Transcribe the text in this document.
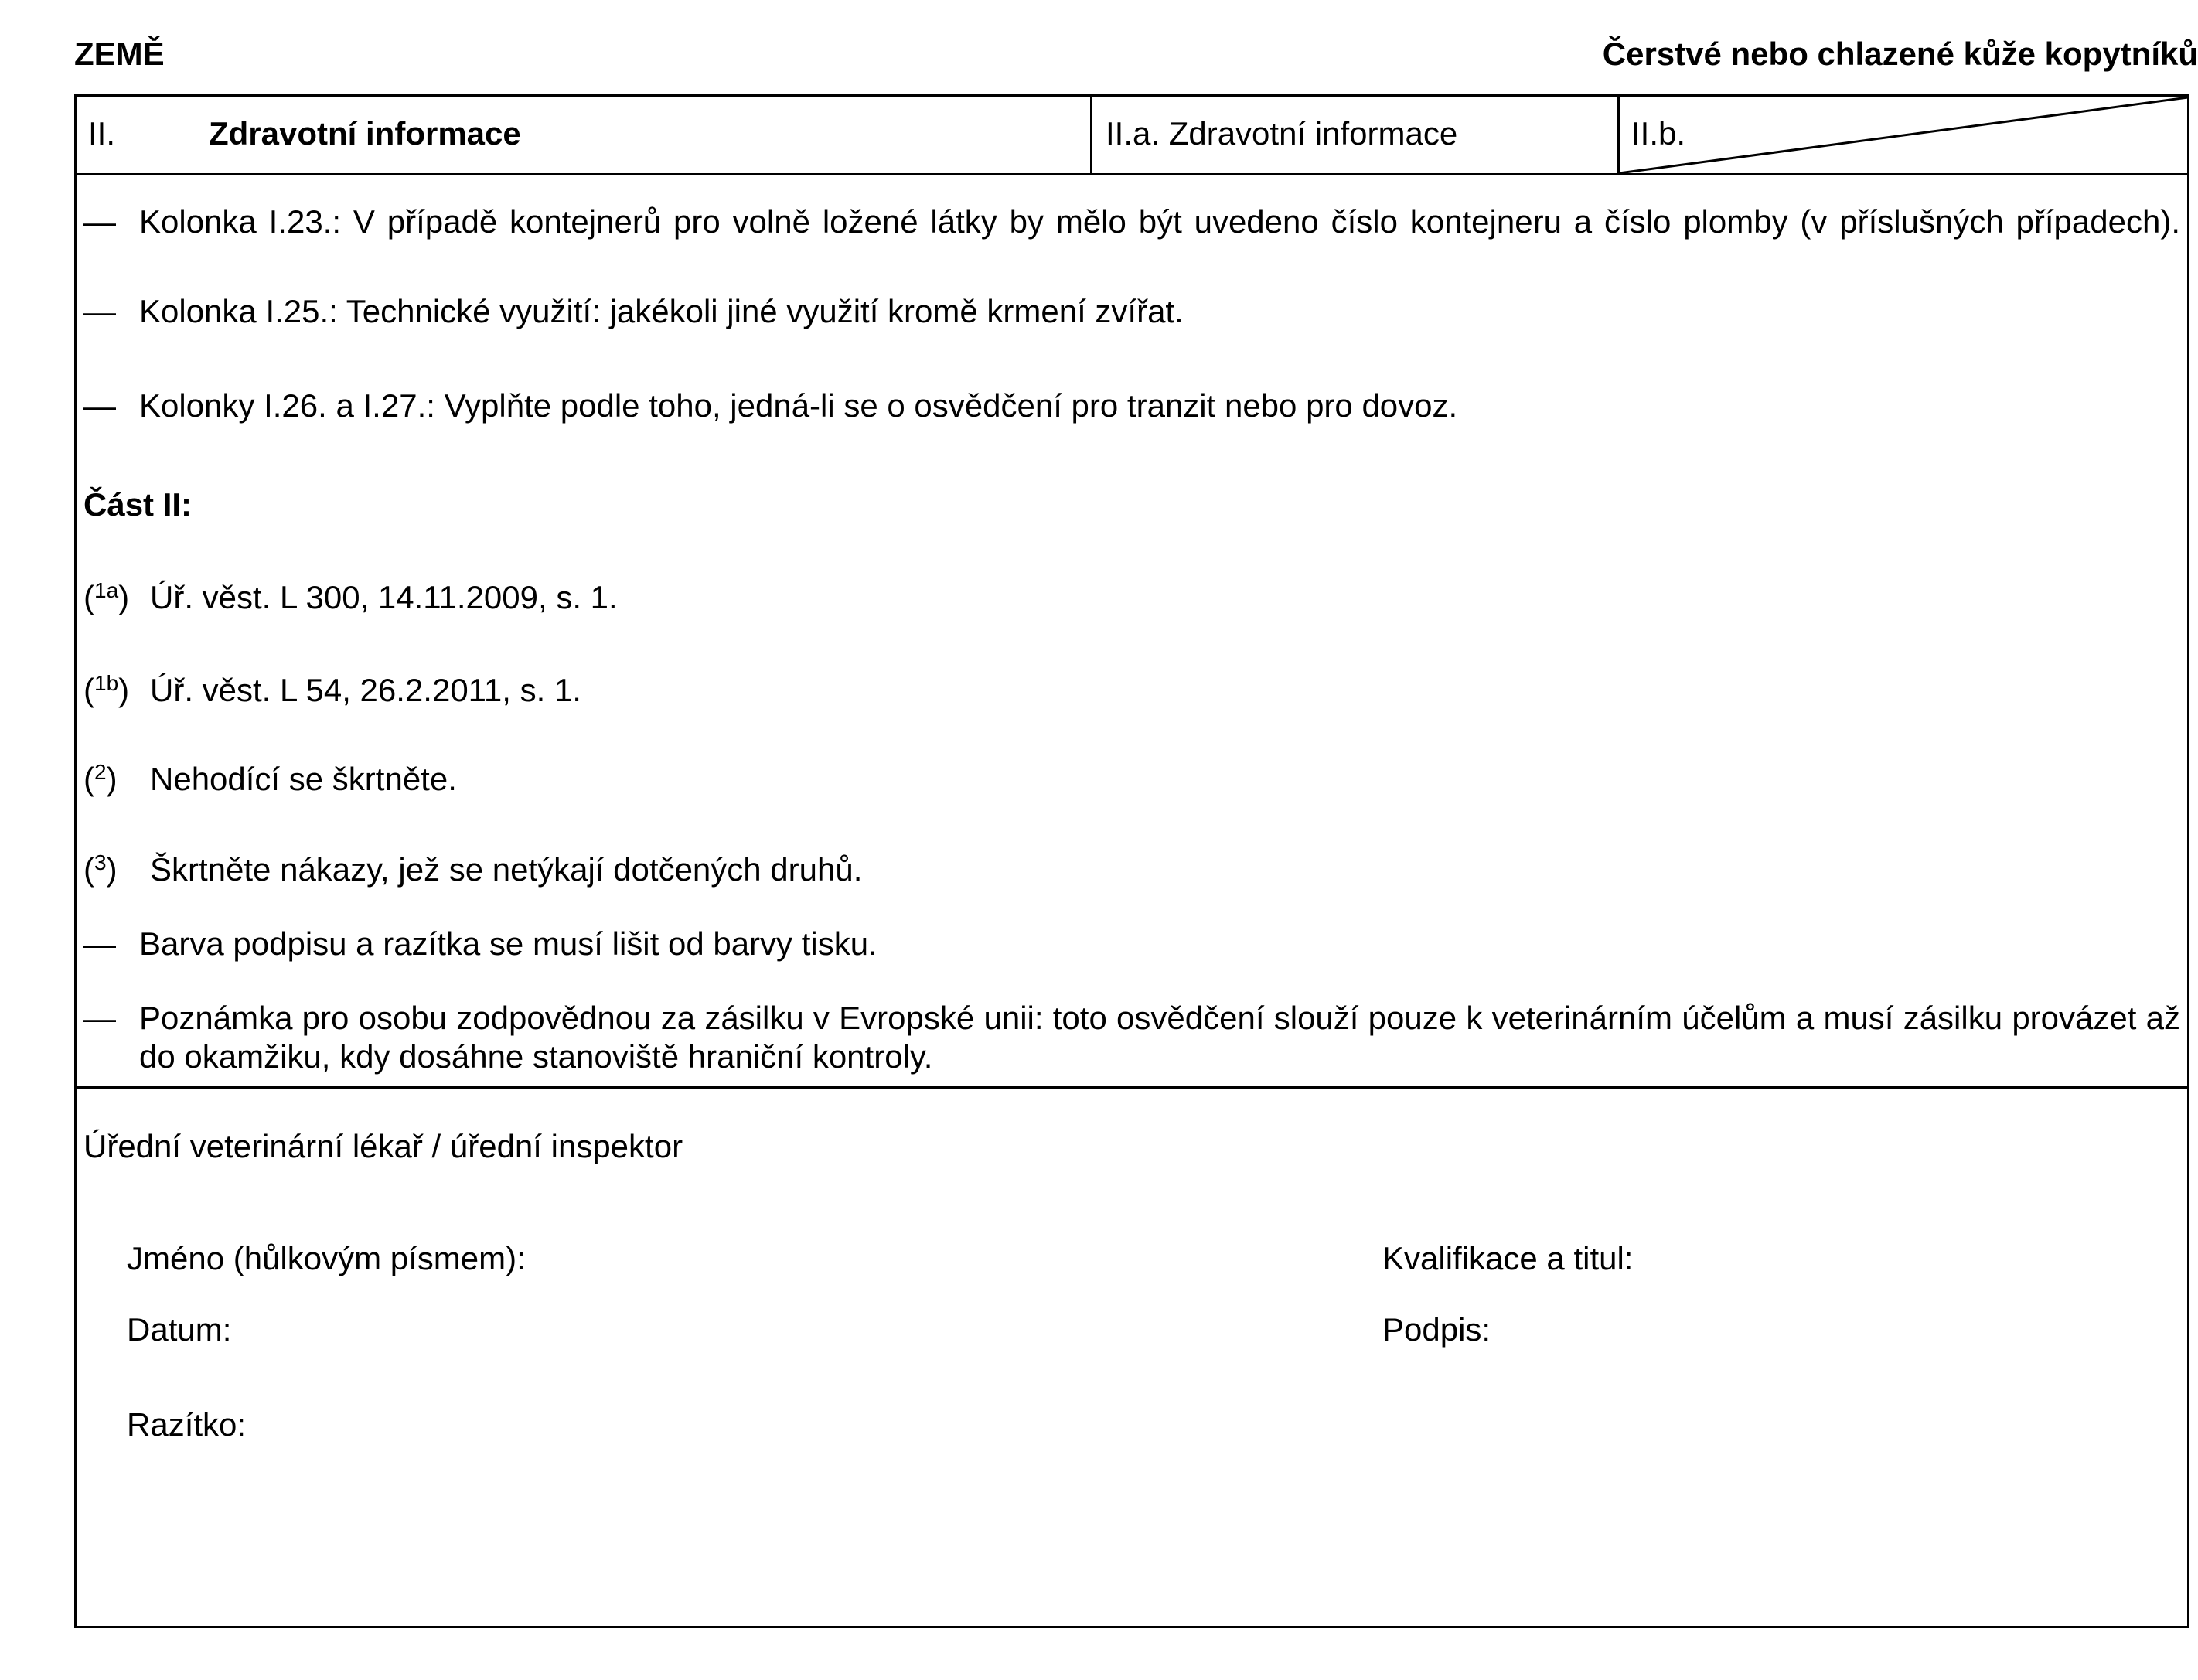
ZEMĚ	Čerstvé nebo chlazené kůže kopytníků
II.	Zdravotní informace	II.a. Zdravotní informace	II.b.
— Kolonka I.23.: V případě kontejnerů pro volně ložené látky by mělo být uvedeno číslo kontejneru a číslo plomby (v příslušných případech).
— Kolonka I.25.: Technické využití: jakékoli jiné využití kromě krmení zvířat.
— Kolonky I.26. a I.27.: Vyplňte podle toho, jedná-li se o osvědčení pro tranzit nebo pro dovoz.
Část II:
($^{1a}$) Úř. věst. L 300, 14.11.2009, s. 1.
($^{1b}$) Úř. věst. L 54, 26.2.2011, s. 1.
($^2$) Nehodící se škrtněte.
($^3$) Škrtněte nákazy, jež se netýkají dotčených druhů.
— Barva podpisu a razítka se musí lišit od barvy tisku.
— Poznámka pro osobu zodpovědnou za zásilku v Evropské unii: toto osvědčení slouží pouze k veterinárním účelům a musí zásilku provázet až
do okamžiku, kdy dosáhne stanoviště hraniční kontroly.
Úřední veterinární lékař / úřední inspektor
Jméno (hůlkovým písmem):	Kvalifikace a titul:
Datum:	Podpis:
Razítko:
